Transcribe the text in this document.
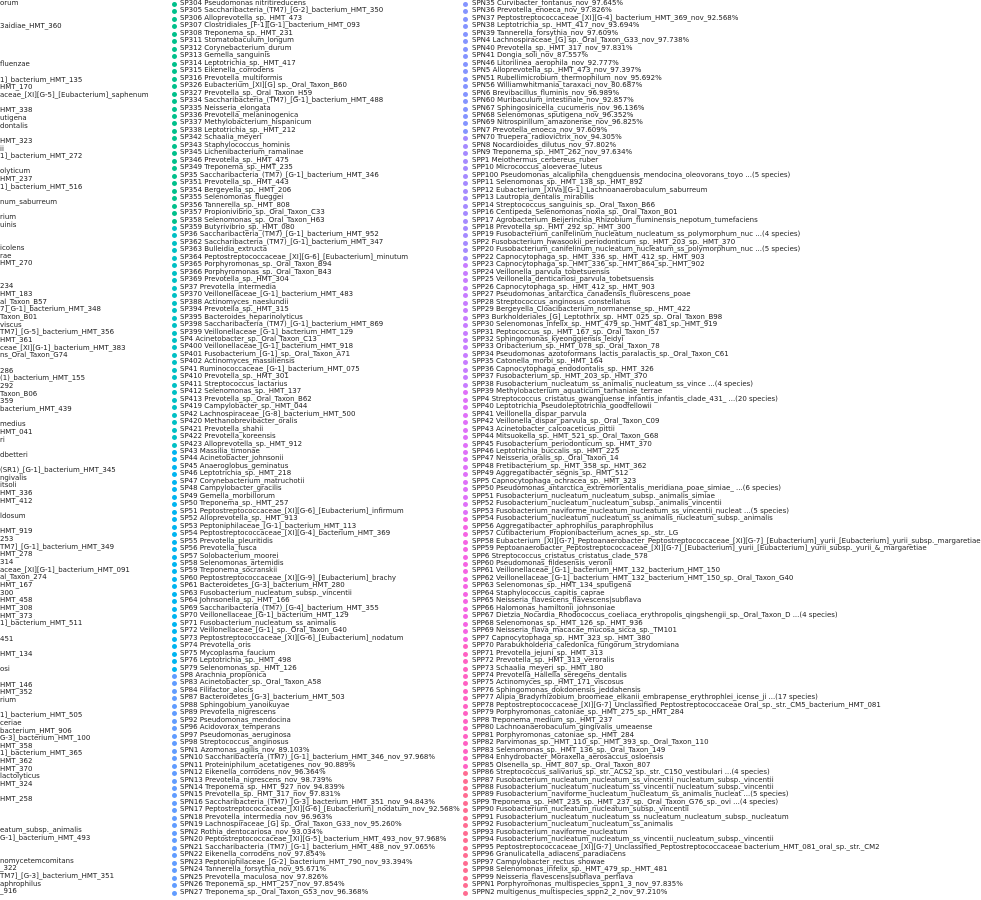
orum
3aidiae_HMT_360
fluenzae
1]_bacterium_HMT_135
HMT_170
aceae_[XI][G-5]_[Eubacterium]_saphenum
HMT_338
utigena
dontalis
HMT_323
ii
1]_bacterium_HMT_272
olyticum
HMT_237
1]_bacterium_HMT_516
num_saburreum
rium
uinis
icolens
rae
HMT_270
234
HMT_183
al_Taxon_B57
7]_G-1]_bacterium_HMT_348
Taxon_B01
viscus
TM7]_[G-5]_bacterium_HMT_356
HMT_361
ceae_[XI][G-1]_bacterium_HMT_383
ns_Oral_Taxon_G74
286
(1)_bacterium_HMT_155
292
Taxon_B06
359
bacterium_HMT_439
medius
HMT_041
ri
dbetteri
(SR1)_[G-1]_bacterium_HMT_345
ngivalis
itsoli
HMT_336
HMT_412
ldosum
HMT_919
253
TM7]_[G-1]_bacterium_HMT_349
HMT_278
314
aceae_[XI][G-1]_bacterium_HMT_091
al_Taxon_274
HMT_167
300
HMT_458
HMT_308
HMT_373
1]_bacterium_HMT_511
451
HMT_134
osi
HMT_146
HMT_352
rium
1]_bacterium_HMT_505
ceriae
bacterium_HMT_906
G-3]_bacterium_HMT_100
HMT_358
1]_bacterium_HMT_365
HMT_362
HMT_370
lactolyticus
HMT_324
HMT_258
eatum_subsp._animalis
G-1]_bacterium_HMT_493
nomycetemcomitans
_322
TM7]_[G-3]_bacterium_HMT_351
aphrophilus
_916
SP304 Pseudomonas nitritireducens
SP305 Saccharibacteria_(TM7)_[G-2]_bacterium_HMT_350
SP306 Alloprevotella_sp._HMT_473
SP307 Clostridiales_[F-1][G-1]_bacterium_HMT_093
SP308 Treponema_sp._HMT_231
SP311 Stomatobaculum_longum
SP312 Corynebacterium_durum
SP313 Gemella_sanguinis
SP314 Leptotrichia_sp._HMT_417
SP315 Eikenella_corrodens
SP316 Prevotella_multiformis
SP326 Eubacterium_[XI][G] sp._Oral_Taxon_B60
SP327 Prevotella_sp._Oral_Taxon_H59
SP334 Saccharibacteria_(TM7)_[G-1]_bacterium_HMT_488
SP335 Neisseria_elongata
SP336 Prevotella_melaninogenica
SP337 Methylobacterium_hispanicum
SP338 Leptotrichia_sp._HMT_212
SP342 Schaalia_meyeri
SP343 Staphylococcus_hominis
SP345 Lichenibacterium_ramalinae
SP346 Prevotella_sp._HMT_475
SP349 Treponema_sp._HMT_235
SP35 Saccharibacteria_(TM7)_[G-1]_bacterium_HMT_346
SP351 Prevotella_sp._HMT_443
SP354 Bergeyella_sp._HMT_206
SP355 Selenomonas_flueggei
SP356 Tannerella_sp._HMT_808
SP357 Propionivibrio_sp._Oral_Taxon_C33
SP358 Selenomonas_sp._Oral_Taxon_H63
SP359 Butyrivibrio_sp._HMT_080
SP36 Saccharibacteria_(TM7)_[G-1]_bacterium_HMT_952
SP362 Saccharibacteria_(TM7)_[G-1]_bacterium_HMT_347
SP363 Bulleidia_extructa
SP364 Peptostreptococcaceae_[XI][G-6]_[Eubacterium]_minutum
SP365 Porphyromonas_sp._Oral_Taxon_B94
SP366 Porphyromonas_sp._Oral_Taxon_B43
SP369 Prevotella_sp._HMT_304
SP37 Prevotella_intermedia
SP370 Veillonellaceae_[G-1]_bacterium_HMT_483
SP388 Actinomyces_naeslundii
SP394 Prevotella_sp._HMT_315
SP395 Bacteroides_heparinolyticus
SP398 Saccharibacteria_(TM7)_[G-1]_bacterium_HMT_869
SP399 Veillonellaceae_[G-1]_bacterium_HMT_129
SP4 Acinetobacter_sp._Oral_Taxon_C13
SP400 Veillonellaceae_[G-1]_bacterium_HMT_918
SP401 Fusobacterium_[G-1]_sp._Oral_Taxon_A71
SP402 Actinomyces_massiliensis
SP41 Ruminococcaceae_[G-1]_bacterium_HMT_075
SP410 Prevotella_sp._HMT_301
SP411 Streptococcus_lactarius
SP412 Selenomonas_sp._HMT_137
SP413 Prevotella_sp._Oral_Taxon_B62
SP419 Campylobacter_sp._HMT_044
SP42 Lachnospiraceae_[G-8]_bacterium_HMT_500
SP420 Methanobrevibacter_oralis
SP421 Prevotella_shahii
SP422 Prevotella_koreensis
SP423 Alloprevotella_sp._HMT_912
SP43 Massilia_timonae
SP44 Acinetobacter_johnsonii
SP45 Anaeroglobus_geminatus
SP46 Leptotrichia_sp._HMT_218
SP47 Corynebacterium_matruchotii
SP48 Campylobacter_gracilis
SP49 Gemella_morbillorum
SP50 Treponema_sp._HMT_257
SP51 Peptostreptococcaceae_[XI][G-6]_[Eubacterium]_infirmum
SP52 Alloprevotella_sp._HMT_913
SP53 Peptoniphilaceae_[G-1]_bacterium_HMT_113
SP54 Peptostreptococcaceae_[XI][G-4]_bacterium_HMT_369
SP55 Prevotella_pleuritidis
SP56 Prevotella_fusca
SP57 Solobacterium_moorei
SP58 Selenomonas_artemidis
SP59 Treponema_socranskii
SP60 Peptostreptococcaceae_[XI][G-9]_[Eubacterium]_brachy
SP61 Bacteroidetes_[G-3]_bacterium_HMT_280
SP63 Fusobacterium_nucleatum_subsp._vincentii
SP64 Johnsonella_sp._HMT_166
SP69 Saccharibacteria_(TM7)_[G-4]_bacterium_HMT_355
SP70 Veillonellaceae_[G-1]_bacterium_HMT_129
SP71 Fusobacterium_nucleatum_ss_animalis
SP72 Veillonellaceae_[G-1]_sp._Oral_Taxon_G40
SP73 Peptostreptococcaceae_[XI][G-6]_[Eubacterium]_nodatum
SP74 Prevotella_oris
SP75 Mycoplasma_faucium
SP76 Leptotrichia_sp._HMT_498
SP79 Selenomonas_sp._HMT_126
SP8 Arachnia_propionica
SP83 Acinetobacter_sp._Oral_Taxon_A58
SP84 Filifactor_alocis
SP87 Bacteroidetes_[G-3]_bacterium_HMT_503
SP88 Sphingobium_yanoikuyae
SP89 Prevotella_nigrescens
SP92 Pseudomonas_mendocina
SP96 Acidovorax_temperans
SP97 Pseudomonas_aeruginosa
SP98 Streptococcus_anginosus
SPN1 Azomonas_agilis_nov_89.103%
SPN10 Saccharibacteria_(TM7)_[G-1]_bacterium_HMT_346_nov_97.968%
SPN11 Proteiniphilum_acetatigenes_nov_90.889%
SPN12 Eikenella_corrodens_nov_96.364%
SPN13 Prevotella_nigrescens_nov_98.739%
SPN14 Treponema_sp._HMT_927_nov_94.839%
SPN15 Prevotella_sp._HMT_317_nov_97.831%
SPN16 Saccharibacteria_(TM7)_[G-3]_bacterium_HMT_351_nov_94.843%
SPN17 Peptostreptococcaceae_[XI][G-6]_[Eubacterium]_nodatum_nov_92.568%
SPN18 Prevotella_intermedia_nov_96.963%
SPN19 Lachnospiraceae_[G] sp._Oral_Taxon_G33_nov_95.260%
SPN2 Rothia_dentocariosa_nov_93.034%
SPN20 Peptostreptococcaceae_[XI][G-5]_bacterium_HMT_493_nov_97.968%
SPN21 Saccharibacteria_(TM7)_[G-1]_bacterium_HMT_488_nov_97.065%
SPN22 Eikenella_corrodens_nov_97.854%
SPN23 Peptoniphilaceae_[G-2]_bacterium_HMT_790_nov_93.394%
SPN24 Tannerella_forsythia_nov_95.671%
SPN25 Prevotella_maculosa_nov_97.826%
SPN26 Treponema_sp._HMT_257_nov_97.854%
SPN27 Treponema_sp._Oral_Taxon_G53_nov_96.368%
SPN35 Curvibacter_fontanus_nov_97.645%
SPN36 Prevotella_enoeca_nov_97.826%
SPN37 Peptostreptococcaceae_[XI][G-4]_bacterium_HMT_369_nov_92.568%
SPN38 Leptotrichia_sp._HMT_417_nov_93.694%
SPN39 Tannerella_forsythia_nov_97.609%
SPN4 Lachnospiraceae_[G] sp._Oral_Taxon_G33_nov_97.738%
SPN40 Prevotella_sp._HMT_317_nov_97.831%
SPN41 Dongia_soli_nov_87.557%
SPN46 Litorilinea_aerophila_nov_92.777%
SPN5 Alloprevotella_sp._HMT_473_nov_97.397%
SPN51 Rubellimicrobium_thermophilum_nov_95.692%
SPN56 Williamwhitmania_taraxaci_nov_80.687%
SPN6 Brevibacillus_fluminis_nov_96.989%
SPN60 Muribaculum_intestinale_nov_92.857%
SPN67 Sphingosinicella_cucumeris_nov_96.136%
SPN68 Selenomonas_sputigena_nov_96.352%
SPN69 Nitrospirillum_amazonense_nov_96.825%
SPN7 Prevotella_enoeca_nov_97.609%
SPN70 Truepera_radiovictrix_nov_94.305%
SPN8 Nocardioides_dilutus_nov_97.802%
SPN9 Treponema_sp._HMT_262_nov_97.634%
SPP1 Meiothermus_cerbereus_ruber
SPP10 Micrococcus_aloeverae_luteus
SPP100 Pseudomonas_alcaliphila_chengduensis_mendocina_oleovorans_toyo ...(5 species)
SPP11 Selenomonas_sp._HMT_138_sp._HMT_892
SPP12 Eubacterium_[XIVa][G-1]_Lachnoanaerobaculum_saburreum
SPP13 Lautropia_dentalis_mirabilis
SPP14 Streptococcus_sanguinis_sp._Oral_Taxon_B66
SPP16 Centipeda_Selenomonas_noxia_sp._Oral_Taxon_B01
SPP17 Agrobacterium_Beijerinckia_Rhizobium_fluminensis_nepotum_tumefaciens
SPP18 Prevotella_sp._HMT_292_sp._HMT_300
SPP19 Fusobacterium_canifelinum_nucleatum_nucleatum_ss_polymorphum_nuc ...(4 species)
SPP2 Fusobacterium_hwasookii_periodonticum_sp._HMT_203_sp._HMT_370
SPP20 Fusobacterium_canifelinum_nucleatum_nucleatum_ss_polymorphum_nuc ...(5 species)
SPP22 Capnocytophaga_sp._HMT_336_sp._HMT_412_sp._HMT_903
SPP23 Capnocytophaga_sp._HMT_336_sp._HMT_864_sp._HMT_902
SPP24 Veillonella_parvula_tobetsuensis
SPP25 Veillonella_denticariosi_parvula_tobetsuensis
SPP26 Capnocytophaga_sp._HMT_412_sp._HMT_903
SPP27 Pseudomonas_antarctica_canadensis_fluorescens_poae
SPP28 Streptococcus_anginosus_constellatus
SPP29 Bergeyella_Cloacibacterium_normanense_sp._HMT_422
SPP3 Burkholderiales_[G]_Leptothrix_sp._HMT_025_sp._Oral_Taxon_B98
SPP30 Selenomonas_infelix_sp._HMT_479_sp._HMT_481_sp._HMT_919
SPP31 Peptococcus_sp._HMT_167_sp._Oral_Taxon_I57
SPP32 Sphingomonas_kyeonggiensis_leidyi
SPP33 Oribacterium_sp._HMT_078_sp._Oral_Taxon_78
SPP34 Pseudomonas_azotoformans_lactis_paralactis_sp._Oral_Taxon_C61
SPP35 Catonella_morbi_sp._HMT_164
SPP36 Capnocytophaga_endodontalis_sp._HMT_326
SPP37 Fusobacterium_sp._HMT_203_sp._HMT_370
SPP38 Fusobacterium_nucleatum_ss_animalis_nucleatum_ss_vince ...(4 species)
SPP39 Methylobacterium_aquaticum_tarhaniae_terrae
SPP4 Streptococcus_cristatus_gwangjuense_infantis_infantis_clade_431_ ...(20 species)
SPP40 Leptotrichia_Pseudoleptotrichia_goodfellowii
SPP41 Veillonella_dispar_parvula
SPP42 Veillonella_dispar_parvula_sp._Oral_Taxon_C09
SPP43 Acinetobacter_calcoaceticus_pittii
SPP44 Mitsuokella_sp._HMT_521_sp._Oral_Taxon_G68
SPP45 Fusobacterium_periodonticum_sp._HMT_370
SPP46 Leptotrichia_buccalis_sp._HMT_225
SPP47 Neisseria_oralis_sp._Oral_Taxon_14
SPP48 Fretibacterium_sp._HMT_358_sp._HMT_362
SPP49 Aggregatibacter_segnis_sp._HMT_512
SPP5 Capnocytophaga_ochracea_sp._HMT_323
SPP50 Pseudomonas_antarctica_extremorientalis_meridiana_poae_simiae_ ...(6 species)
SPP51 Fusobacterium_nucleatum_nucleatum_subsp._animalis_simiae
SPP52 Fusobacterium_nucleatum_nucleatum_subsp._animalis_vincentii
SPP53 Fusobacterium_naviforme_nucleatum_nucleatum_ss_vincentii_nucleat ...(5 species)
SPP54 Fusobacterium_nucleatum_nucleatum_ss_animalis_nucleatum_subsp._animalis
SPP56 Aggregatibacter_aphrophilus_paraphrophilus
SPP57 Cutibacterium_Propionibacterium_acnes_sp._str._LG
SPP58 Eubacterium_[XI][G-7]_Peptoanaerobacter_Peptostreptococcaceae_[XI][G-7]_[Eubacterium]_yurii_[Eubacterium]_yurii_subsp._margaretiae
SPP59 Peptoanaerobacter_Peptostreptococcaceae_[XI][G-7]_[Eubacterium]_yurii_[Eubacterium]_yurii_subsp._yurii_&_margaretiae
SPP6 Streptococcus_cristatus_cristatus_clade_578
SPP60 Pseudomonas_fildesensis_veronii
SPP61 Veillonellaceae_[G-1]_bacterium_HMT_132_bacterium_HMT_150
SPP62 Veillonellaceae_[G-1]_bacterium_HMT_132_bacterium_HMT_150_sp._Oral_Taxon_G40
SPP63 Selenomonas_sp._HMT_134_sputigena
SPP64 Staphylococcus_capitis_caprae
SPP65 Neisseria_flavescens_flavescens|subflava
SPP66 Halomonas_hamiltonii_johnsoniae
SPP67 Dietzia_Nocardia_Rhodococcus_coeliaca_erythropolis_qingshengii_sp._Oral_Taxon_D ...(4 species)
SPP68 Selenomonas_sp._HMT_126_sp._HMT_936
SPP69 Neisseria_flava_macacae_mucosa_sicca_sp._TM101
SPP7 Capnocytophaga_sp._HMT_323_sp._HMT_380
SPP70 Parabukholderia_caledonica_fungorum_strydomiana
SPP71 Prevotella_jejuni_sp._HMT_313
SPP72 Prevotella_sp._HMT_313_veroralis
SPP73 Schaalia_meyeri_sp._HMT_180
SPP74 Prevotella_Hallella_seregens_dentalis
SPP75 Actinomyces_sp._HMT_171_viscosus
SPP76 Sphingomonas_dokdonensis_jeddahensis
SPP77 Alipia_Bradyrhizobium_broomeae_elkanii_embrapense_erythrophlei_icense_ji ...(17 species)
SPP78 Peptostreptococcaceae_[XI][G-7]_Unclassified_Peptostreptococcaceae Oral_sp._str._CM5_bacterium_HMT_081
SPP79 Porphyromonas_catoniae_sp._HMT_275_sp._HMT_284
SPP8 Treponema_medium_sp._HMT_237
SPP80 Lachnoanaerobaculum_gingivalis_umeaense
SPP81 Porphyromonas_catoniae_sp._HMT_284
SPP82 Parvimonas_sp._HMT_110_sp._HMT_393_sp._Oral_Taxon_110
SPP83 Selenomonas_sp._HMT_136_sp._Oral_Taxon_149
SPP84 Enhydrobacter_Moraxella_aerosaccus_osloensis
SPP85 Olsenella_sp._HMT_807_sp._Oral_Taxon_807
SPP86 Streptococcus_salivarius_sp._str._ACS2_sp._str._C150_vestibulari ...(4 species)
SPP87 Fusobacterium_nucleatum_nucleatum_ss_vincentii_nucleatum_subsp._vincentii
SPP88 Fusobacterium_nucleatum_nucleatum_ss_vincentii_nucleatum_subsp._vincentii
SPP89 Fusobacterium_naviforme_nucleatum_nucleatum_ss_animalis_nucleat ...(5 species)
SPP9 Treponema_sp._HMT_235_sp._HMT_237_sp._Oral_Taxon_G76_sp._ovi ...(4 species)
SPP90 Fusobacterium_nucleatum_nucleatum_subsp._vincentii
SPP91 Fusobacterium_nucleatum_nucleatum_ss_nucleatum_nucleatum_subsp._nucleatum
SPP92 Fusobacterium_nucleatum_nucleatum_ss_animalis
SPP93 Fusobacterium_naviforme_nucleatum
SPP94 Fusobacterium_nucleatum_nucleatum_ss_vincentii_nucleatum_subsp._vincentii
SPP95 Peptostreptococcaceae_[XI][G-7]_Unclassified_Peptostreptococcaceae bacterium_HMT_081_oral_sp._str._CM2
SPP96 Granulicatella_adiacens_paradiacens
SPP97 Campylobacter_rectus_showae
SPP98 Selenomonas_infelix_sp._HMT_479_sp._HMT_481
SPP99 Neisseria_flavescens|subflava_perflava
SPPN1 Porphyromonas_multispecies_sppn1_3_nov_97.835%
SPPN2 multigenus_multispecies_sppn2_2_nov_97.210%
